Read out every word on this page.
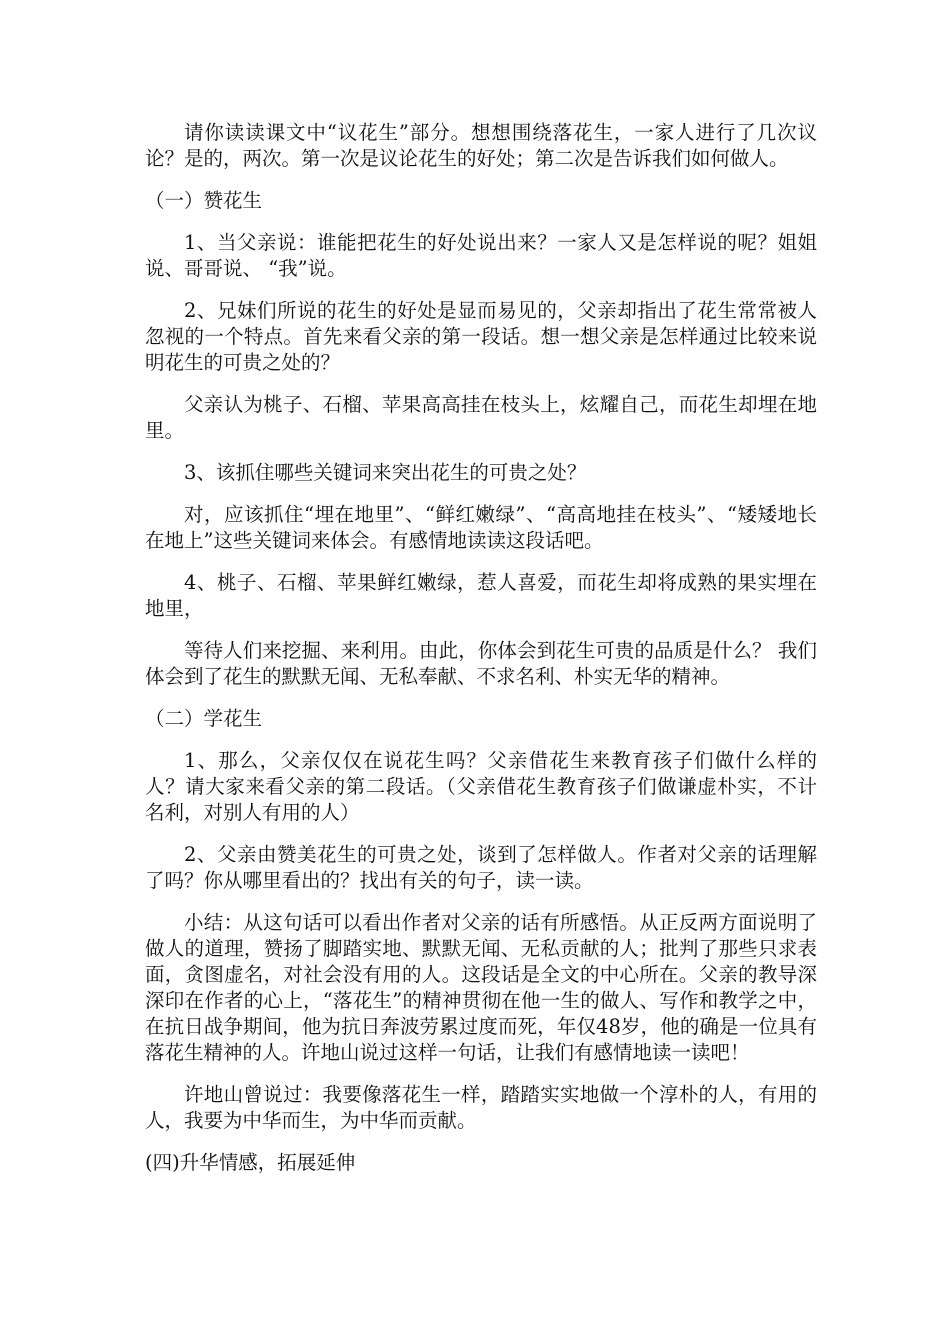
请你读读课文中“议花生”部分。想想围绕落花生，一家人进行了几次议论？是的，两次。第一次是议论花生的好处；第二次是告诉我们如何做人。

（一）赞花生

1、当父亲说：谁能把花生的好处说出来？一家人又是怎样说的呢？姐姐说、哥哥说、 “我”说。

2、兄妹们所说的花生的好处是显而易见的，父亲却指出了花生常常被人忽视的一个特点。首先来看父亲的第一段话。想一想父亲是怎样通过比较来说明花生的可贵之处的？

父亲认为桃子、石榴、苹果高高挂在枝头上，炫耀自己，而花生却埋在地里。

3、该抓住哪些关键词来突出花生的可贵之处？

对，应该抓住“埋在地里”、“鲜红嫩绿”、“高高地挂在枝头”、“矮矮地长在地上”这些关键词来体会。有感情地读读这段话吧。

4、桃子、石榴、苹果鲜红嫩绿，惹人喜爱，而花生却将成熟的果实埋在地里，

等待人们来挖掘、来利用。由此，你体会到花生可贵的品质是什么？ 我们体会到了花生的默默无闻、无私奉献、不求名利、朴实无华的精神。

（二）学花生

1、那么，父亲仅仅在说花生吗？父亲借花生来教育孩子们做什么样的人？请大家来看父亲的第二段话。（父亲借花生教育孩子们做谦虚朴实，不计名利，对别人有用的人）

2、父亲由赞美花生的可贵之处，谈到了怎样做人。作者对父亲的话理解了吗？你从哪里看出的？找出有关的句子，读一读。

小结：从这句话可以看出作者对父亲的话有所感悟。从正反两方面说明了做人的道理，赞扬了脚踏实地、默默无闻、无私贡献的人；批判了那些只求表面，贪图虚名，对社会没有用的人。这段话是全文的中心所在。父亲的教导深深印在作者的心上，“落花生”的精神贯彻在他一生的做人、写作和教学之中，在抗日战争期间，他为抗日奔波劳累过度而死，年仅48岁，他的确是一位具有落花生精神的人。许地山说过这样一句话，让我们有感情地读一读吧！

许地山曾说过：我要像落花生一样，踏踏实实地做一个淳朴的人，有用的人，我要为中华而生，为中华而贡献。

(四)升华情感，拓展延伸
